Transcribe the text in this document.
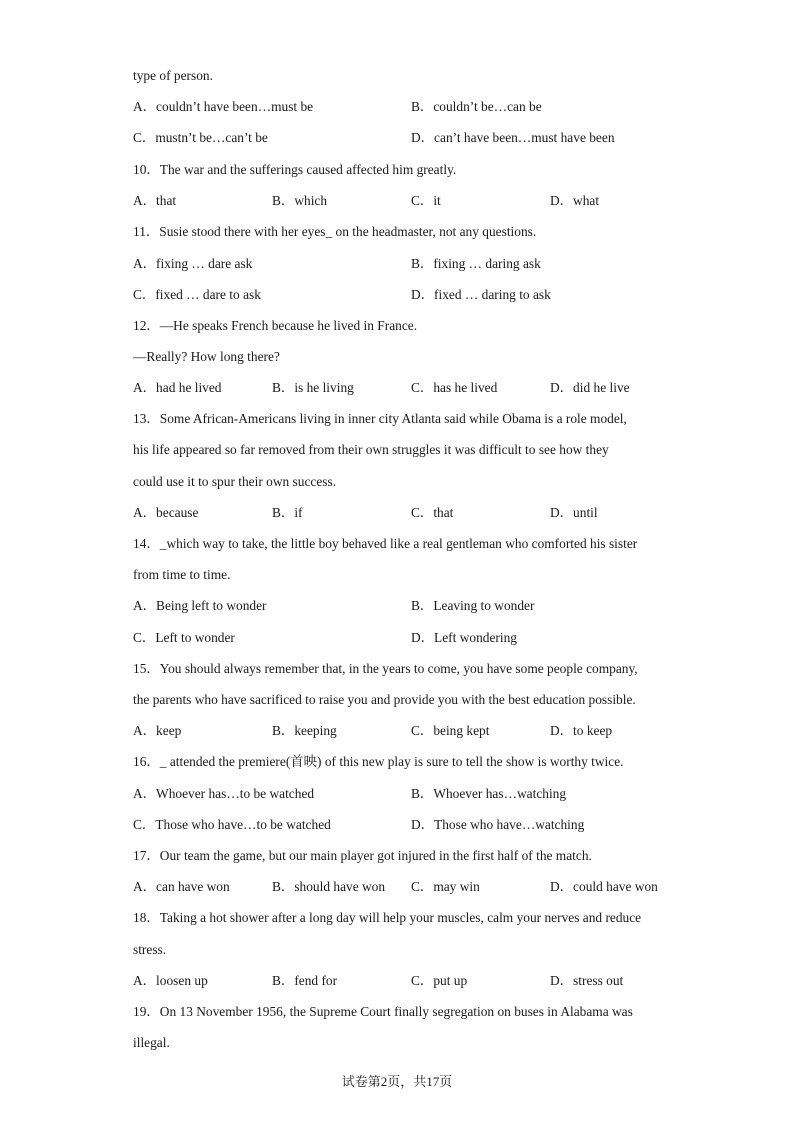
type of person.
A．couldn’t have been…must be	B．couldn’t be…can be
C．mustn’t be…can’t be	D．can’t have been…must have been
10．The war and the sufferings caused affected him greatly.
A．that	B．which	C．it	D．what
11．Susie stood there with her eyes_ on the headmaster, not any questions.
A．fixing … dare ask	B．fixing … daring ask
C．fixed … dare to ask	D．fixed … daring to ask
12．—He speaks French because he lived in France.
—Really? How long there?
A．had he lived	B．is he living	C．has he lived	D．did he live
13．Some African-Americans living in inner city Atlanta said while Obama is a role model,
his life appeared so far removed from their own struggles it was difficult to see how they
could use it to spur their own success.
A．because	B．if	C．that	D．until
14．_which way to take, the little boy behaved like a real gentleman who comforted his sister
from time to time.
A．Being left to wonder	B．Leaving to wonder
C．Left to wonder	D．Left wondering
15．You should always remember that, in the years to come, you have some people company,
the parents who have sacrificed to raise you and provide you with the best education possible.
A．keep	B．keeping	C．being kept	D．to keep
16．_ attended the premiere(首映) of this new play is sure to tell the show is worthy twice.
A．Whoever has…to be watched	B．Whoever has…watching
C．Those who have…to be watched	D．Those who have…watching
17．Our team the game, but our main player got injured in the first half of the match.
A．can have won	B．should have won C．may win	D．could have won
18．Taking a hot shower after a long day will help your muscles, calm your nerves and reduce
stress.
A．loosen up	B．fend for	C．put up	D．stress out
19．On 13 November 1956, the Supreme Court finally segregation on buses in Alabama was
illegal.
试卷第2页，共17页
